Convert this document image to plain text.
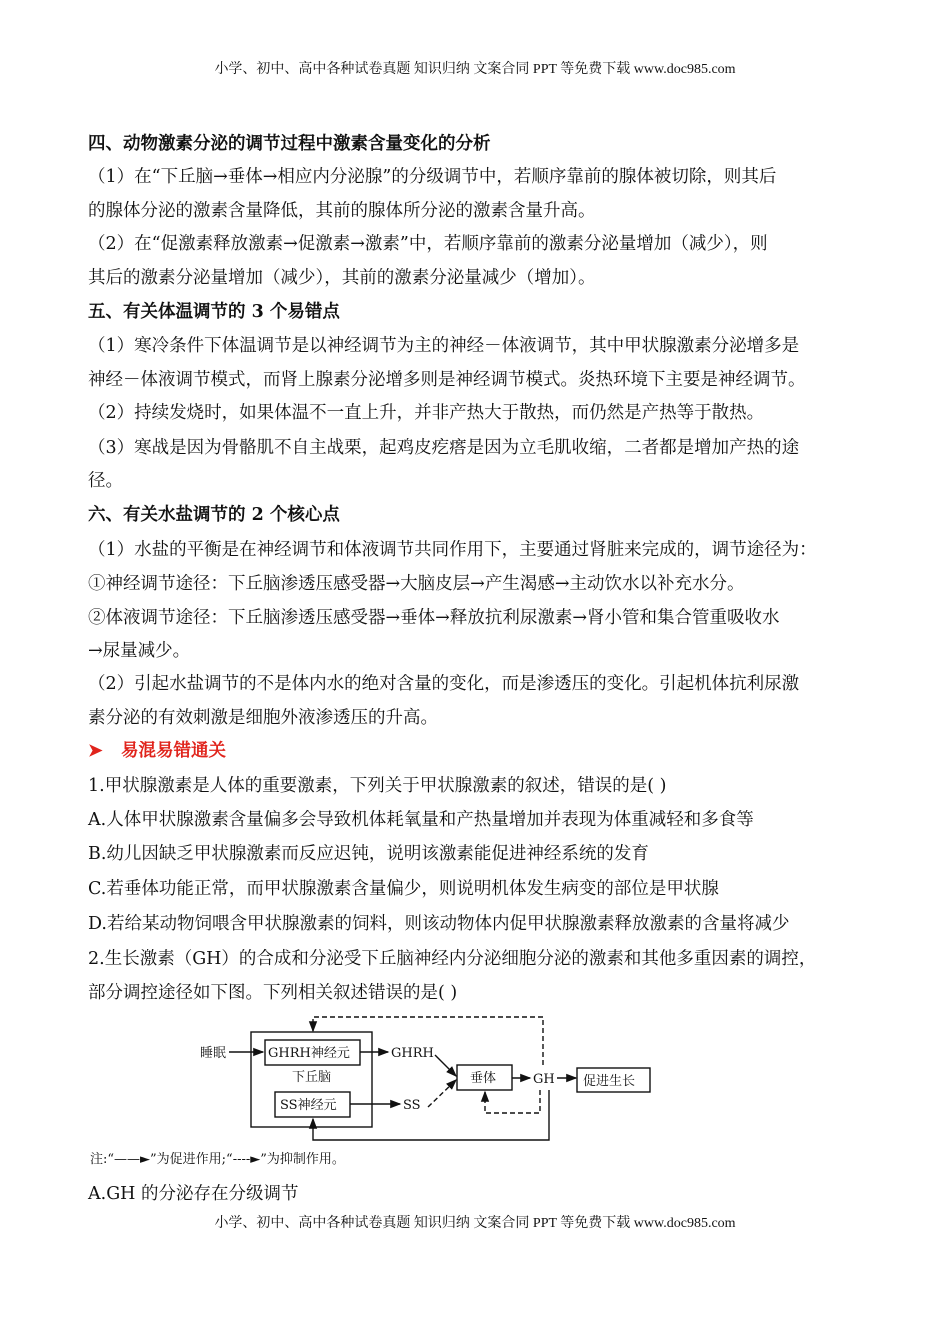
小学、初中、高中各种试卷真题 知识归纳 文案合同 PPT 等免费下载 www.doc985.com
四、动物激素分泌的调节过程中激素含量变化的分析
（1）在“下丘脑→垂体→相应内分泌腺”的分级调节中，若顺序靠前的腺体被切除，则其后
的腺体分泌的激素含量降低，其前的腺体所分泌的激素含量升高。
（2）在“促激素释放激素→促激素→激素”中，若顺序靠前的激素分泌量增加（减少），则
其后的激素分泌量增加（减少），其前的激素分泌量减少（增加）。
五、有关体温调节的 3 个易错点
（1）寒冷条件下体温调节是以神经调节为主的神经－体液调节，其中甲状腺激素分泌增多是
神经－体液调节模式，而肾上腺素分泌增多则是神经调节模式。炎热环境下主要是神经调节。
（2）持续发烧时，如果体温不一直上升，并非产热大于散热，而仍然是产热等于散热。
（3）寒战是因为骨骼肌不自主战栗，起鸡皮疙瘩是因为立毛肌收缩，二者都是增加产热的途
径。
六、有关水盐调节的 2 个核心点
（1）水盐的平衡是在神经调节和体液调节共同作用下，主要通过肾脏来完成的，调节途径为：
①神经调节途径：下丘脑渗透压感受器→大脑皮层→产生渴感→主动饮水以补充水分。
②体液调节途径：下丘脑渗透压感受器→垂体→释放抗利尿激素→肾小管和集合管重吸收水
→尿量减少。
（2）引起水盐调节的不是体内水的绝对含量的变化，而是渗透压的变化。引起机体抗利尿激
素分泌的有效刺激是细胞外液渗透压的升高。
➤ 易混易错通关
1.甲状腺激素是人体的重要激素，下列关于甲状腺激素的叙述，错误的是( )
A.人体甲状腺激素含量偏多会导致机体耗氧量和产热量增加并表现为体重减轻和多食等
B.幼儿因缺乏甲状腺激素而反应迟钝，说明该激素能促进神经系统的发育
C.若垂体功能正常，而甲状腺激素含量偏少，则说明机体发生病变的部位是甲状腺
D.若给某动物饲喂含甲状腺激素的饲料，则该动物体内促甲状腺激素释放激素的含量将减少
2.生长激素（GH）的合成和分泌受下丘脑神经内分泌细胞分泌的激素和其他多重因素的调控，
部分调控途径如下图。下列相关叙述错误的是( )
睡眠	GHRH神经元
下丘脑
SS神经元
GHRH
SS
垂体	GH 促进生长
注:“——►”为促进作用;“----►”为抑制作用。
A.GH 的分泌存在分级调节
小学、初中、高中各种试卷真题 知识归纳 文案合同 PPT 等免费下载 www.doc985.com
